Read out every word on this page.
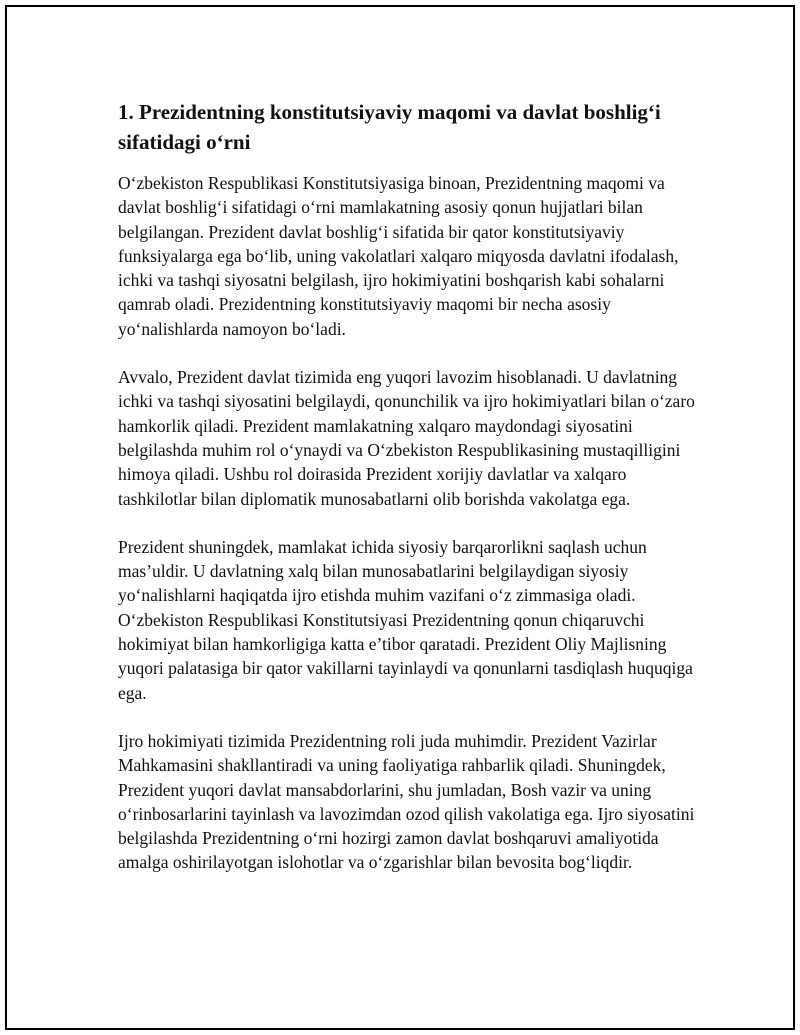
1. Prezidentning konstitutsiyaviy maqomi va davlat boshlig‘i sifatidagi o‘rni

O‘zbekiston Respublikasi Konstitutsiyasiga binoan, Prezidentning maqomi va davlat boshlig‘i sifatidagi o‘rni mamlakatning asosiy qonun hujjatlari bilan belgilangan. Prezident davlat boshlig‘i sifatida bir qator konstitutsiyaviy funksiyalarga ega bo‘lib, uning vakolatlari xalqaro miqyosda davlatni ifodalash, ichki va tashqi siyosatni belgilash, ijro hokimiyatini boshqarish kabi sohalarni qamrab oladi. Prezidentning konstitutsiyaviy maqomi bir necha asosiy yo‘nalishlarda namoyon bo‘ladi.

Avvalo, Prezident davlat tizimida eng yuqori lavozim hisoblanadi. U davlatning ichki va tashqi siyosatini belgilaydi, qonunchilik va ijro hokimiyatlari bilan o‘zaro hamkorlik qiladi. Prezident mamlakatning xalqaro maydondagi siyosatini belgilashda muhim rol o‘ynaydi va O‘zbekiston Respublikasining mustaqilligini himoya qiladi. Ushbu rol doirasida Prezident xorijiy davlatlar va xalqaro tashkilotlar bilan diplomatik munosabatlarni olib borishda vakolatga ega.

Prezident shuningdek, mamlakat ichida siyosiy barqarorlikni saqlash uchun mas’uldir. U davlatning xalq bilan munosabatlarini belgilaydigan siyosiy yo‘nalishlarni haqiqatda ijro etishda muhim vazifani o‘z zimmasiga oladi. O‘zbekiston Respublikasi Konstitutsiyasi Prezidentning qonun chiqaruvchi hokimiyat bilan hamkorligiga katta e’tibor qaratadi. Prezident Oliy Majlisning yuqori palatasiga bir qator vakillarni tayinlaydi va qonunlarni tasdiqlash huquqiga ega.

Ijro hokimiyati tizimida Prezidentning roli juda muhimdir. Prezident Vazirlar Mahkamasini shakllantiradi va uning faoliyatiga rahbarlik qiladi. Shuningdek, Prezident yuqori davlat mansabdorlarini, shu jumladan, Bosh vazir va uning o‘rinbosarlarini tayinlash va lavozimdan ozod qilish vakolatiga ega. Ijro siyosatini belgilashda Prezidentning o‘rni hozirgi zamon davlat boshqaruvi amaliyotida amalga oshirilayotgan islohotlar va o‘zgarishlar bilan bevosita bog‘liqdir.
